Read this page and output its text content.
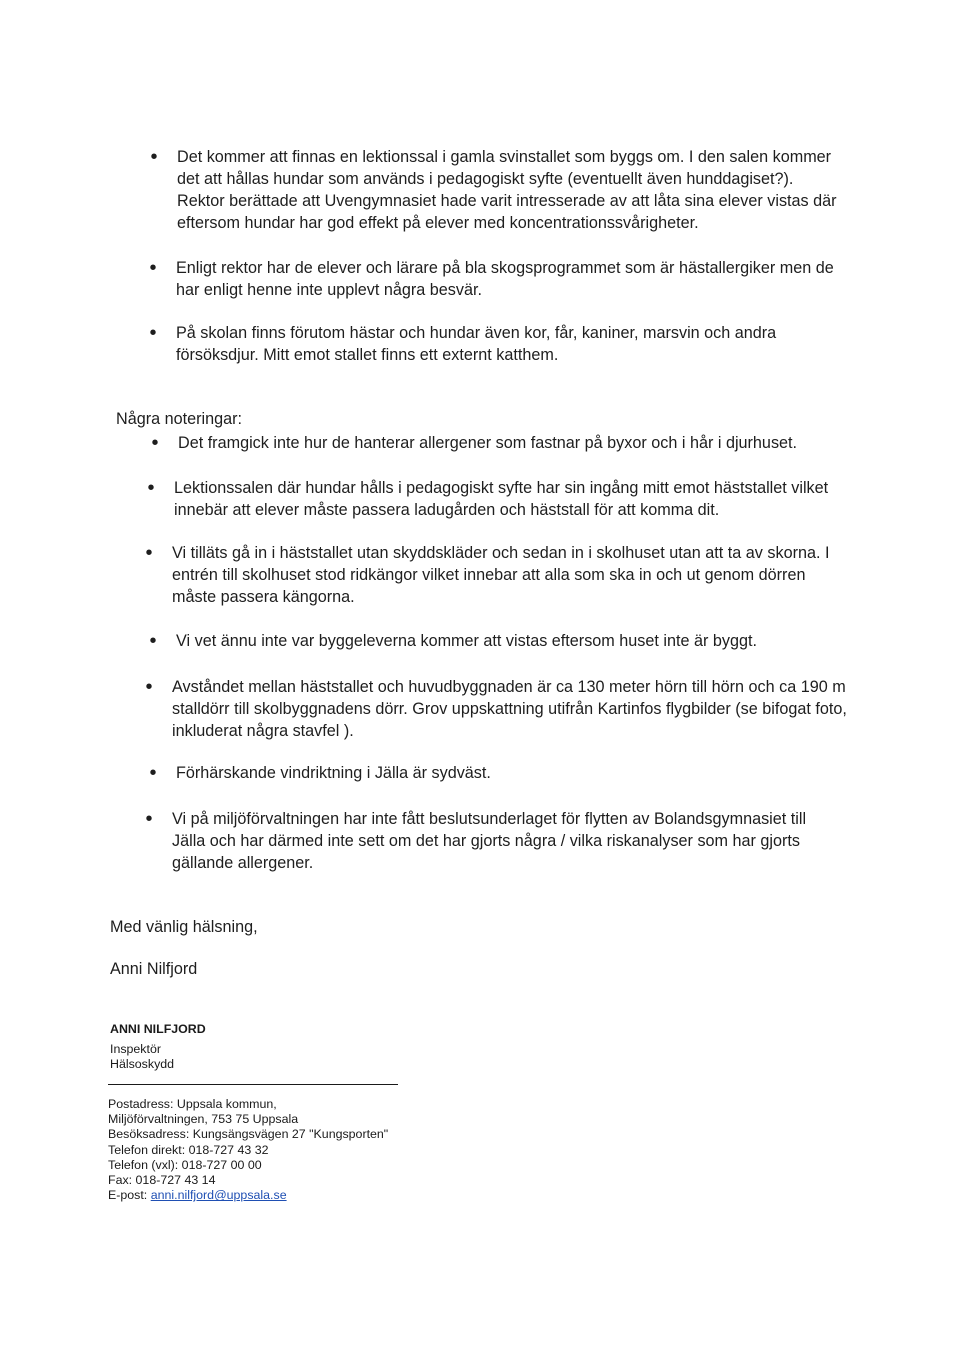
• Det kommer att finnas en lektionssal i gamla svinstallet som byggs om. I den salen kommer det att hållas hundar som används i pedagogiskt syfte (eventuellt även hunddagiset?). Rektor berättade att Uvengymnasiet hade varit intresserade av att låta sina elever vistas där eftersom hundar har god effekt på elever med koncentrationssvårigheter.
• Enligt rektor har de elever och lärare på bla skogsprogrammet som är hästallergiker men de har enligt henne inte upplevt några besvär.
• På skolan finns förutom hästar och hundar även kor, får, kaniner, marsvin och andra försöksdjur. Mitt emot stallet finns ett externt katthem.
Några noteringar:
• Det framgick inte hur de hanterar allergener som fastnar på byxor och i hår i djurhuset.
• Lektionssalen där hundar hålls i pedagogiskt syfte har sin ingång mitt emot häststallet vilket innebär att elever måste passera ladugården och häststall för att komma dit.
• Vi tilläts gå in i häststallet utan skyddskläder och sedan in i skolhuset utan att ta av skorna. I entrén till skolhuset stod ridkängor vilket innebar att alla som ska in och ut genom dörren måste passera kängorna.
• Vi vet ännu inte var byggeleverna kommer att vistas eftersom huset inte är byggt.
• Avståndet mellan häststallet och huvudbyggnaden är ca 130 meter hörn till hörn och ca 190 m stalldörr till skolbyggnadens dörr. Grov uppskattning utifrån Kartinfos flygbilder (se bifogat foto, inkluderat några stavfel ).
• Förhärskande vindriktning i Jälla är sydväst.
• Vi på miljöförvaltningen har inte fått beslutsunderlaget för flytten av Bolandsgymnasiet till Jälla och har därmed inte sett om det har gjorts några / vilka riskanalyser som har gjorts gällande allergener.
Med vänlig hälsning,
Anni Nilfjord
ANNI NILFJORD
Inspektör
Hälsoskydd
Postadress: Uppsala kommun,
Miljöförvaltningen, 753 75 Uppsala
Besöksadress: Kungsängsvägen 27 "Kungsporten"
Telefon direkt: 018-727 43 32
Telefon (vxl): 018-727 00 00
Fax: 018-727 43 14
E-post: anni.nilfjord@uppsala.se
